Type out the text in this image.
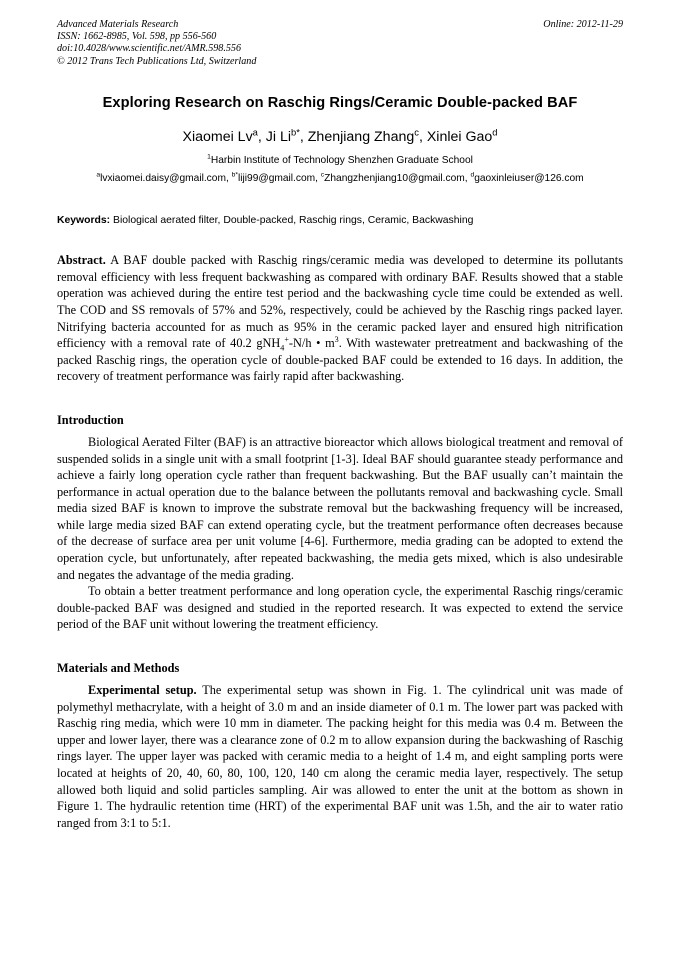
Advanced Materials Research
ISSN: 1662-8985, Vol. 598, pp 556-560
doi:10.4028/www.scientific.net/AMR.598.556
© 2012 Trans Tech Publications Ltd, Switzerland
Online: 2012-11-29
Exploring Research on Raschig Rings/Ceramic Double-packed BAF
Xiaomei Lv$^a$, Ji $Li^{b*}$, Zhenjiang Zhang$^c$, Xinlei Gao$^d$
$^1$Harbin Institute of Technology Shenzhen Graduate School
$^a$lvxiaomei.daisy@gmail.com, $^{b*}$liji99@gmail.com, $^c$Zhangzhenjiang10@gmail.com, $^d$gaoxinleiuser@126.com
Keywords: Biological aerated filter, Double-packed, Raschig rings, Ceramic, Backwashing
Abstract. A BAF double packed with Raschig rings/ceramic media was developed to determine its pollutants removal efficiency with less frequent backwashing as compared with ordinary BAF. Results showed that a stable operation was achieved during the entire test period and the backwashing cycle time could be extended as well. The COD and SS removals of 57% and 52%, respectively, could be achieved by the Raschig rings packed layer. Nitrifying bacteria accounted for as much as 95% in the ceramic packed layer and ensured high nitrification efficiency with a removal rate of 40.2 gNH$_4$+-N/h • $m^3$. With wastewater pretreatment and backwashing of the packed Raschig rings, the operation cycle of double-packed BAF could be extended to 16 days. In addition, the recovery of treatment performance was fairly rapid after backwashing.
Introduction
Biological Aerated Filter (BAF) is an attractive bioreactor which allows biological treatment and removal of suspended solids in a single unit with a small footprint [1-3]. Ideal BAF should guarantee steady performance and achieve a fairly long operation cycle rather than frequent backwashing. But the BAF usually can’t maintain the performance in actual operation due to the balance between the pollutants removal and backwashing cycle. Small media sized BAF is known to improve the substrate removal but the backwashing frequency will be increased, while large media sized BAF can extend operating cycle, but the treatment performance often decreases because of the decrease of surface area per unit volume [4-6]. Furthermore, media grading can be adopted to extend the operation cycle, but unfortunately, after repeated backwashing, the media gets mixed, which is also undesirable and negates the advantage of the media grading.
To obtain a better treatment performance and long operation cycle, the experimental Raschig rings/ceramic double-packed BAF was designed and studied in the reported research. It was expected to extend the service period of the BAF unit without lowering the treatment efficiency.
Materials and Methods
Experimental setup. The experimental setup was shown in Fig. 1. The cylindrical unit was made of polymethyl methacrylate, with a height of 3.0 m and an inside diameter of 0.1 m. The lower part was packed with Raschig ring media, which were 10 mm in diameter. The packing height for this media was 0.4 m. Between the upper and lower layer, there was a clearance zone of 0.2 m to allow expansion during the backwashing of Raschig rings layer. The upper layer was packed with ceramic media to a height of 1.4 m, and eight sampling ports were located at heights of 20, 40, 60, 80, 100, 120, 140 cm along the ceramic media layer, respectively. The setup allowed both liquid and solid particles sampling. Air was allowed to enter the unit at the bottom as shown in Figure 1. The hydraulic retention time (HRT) of the experimental BAF unit was 1.5h, and the air to water ratio ranged from 3:1 to 5:1.
